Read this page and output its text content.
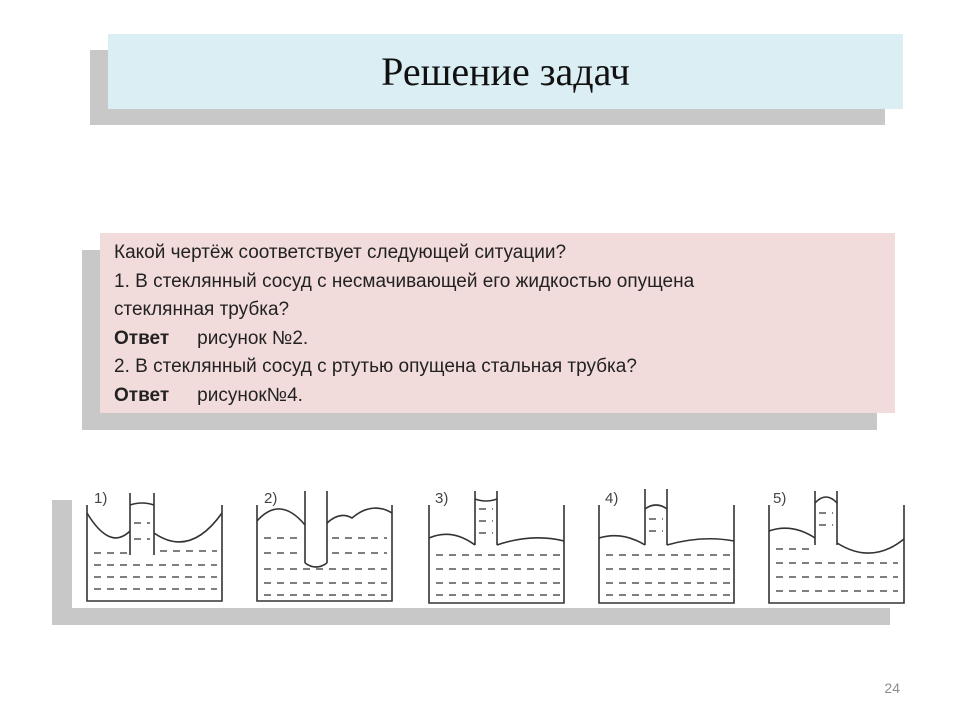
Решение задач
Какой чертёж соответствует следующей ситуации?
1. В стеклянный сосуд с несмачивающей его жидкостью опущена
стеклянная трубка?
Ответ рисунок №2.
2. В стеклянный сосуд с ртутью опущена стальная трубка?
Ответ рисунок№4.
1)	2)	3)	4)	5)
24
